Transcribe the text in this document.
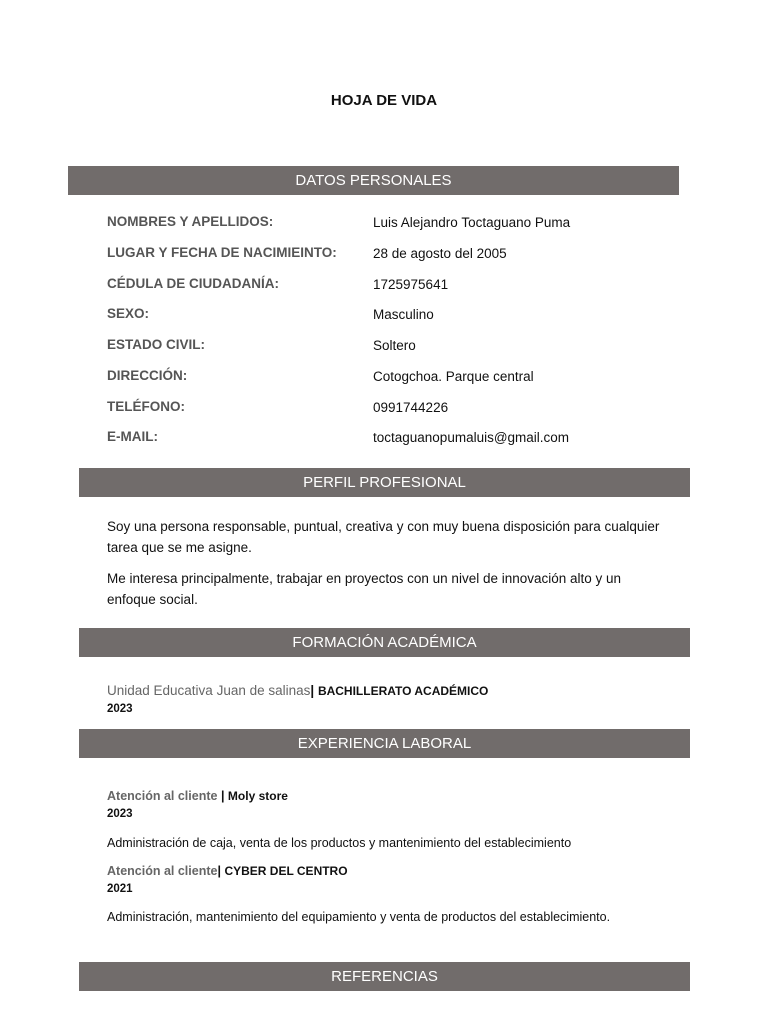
HOJA DE VIDA
DATOS PERSONALES
NOMBRES Y APELLIDOS:	Luis Alejandro Toctaguano Puma
LUGAR Y FECHA DE NACIMIEINTO:	28 de agosto del 2005
CÉDULA DE CIUDADANÍA:	1725975641
SEXO:	Masculino
ESTADO CIVIL:	Soltero
DIRECCIÓN:	Cotogchoa. Parque central
TELÉFONO:	0991744226
E-MAIL:	toctaguanopumaluis@gmail.com
PERFIL PROFESIONAL

Soy una persona responsable, puntual, creativa y con muy buena disposición para cualquier tarea que se me asigne.

Me interesa principalmente, trabajar en proyectos con un nivel de innovación alto y un enfoque social.

FORMACIÓN ACADÉMICA
Unidad Educativa Juan de salinas| BACHILLERATO ACADÉMICO
2023
EXPERIENCIA LABORAL
Atención al cliente | Moly store
2023
Administración de caja, venta de los productos y mantenimiento del establecimiento
Atención al cliente| CYBER DEL CENTRO
2021
Administración, mantenimiento del equipamiento y venta de productos del establecimiento.
REFERENCIAS
